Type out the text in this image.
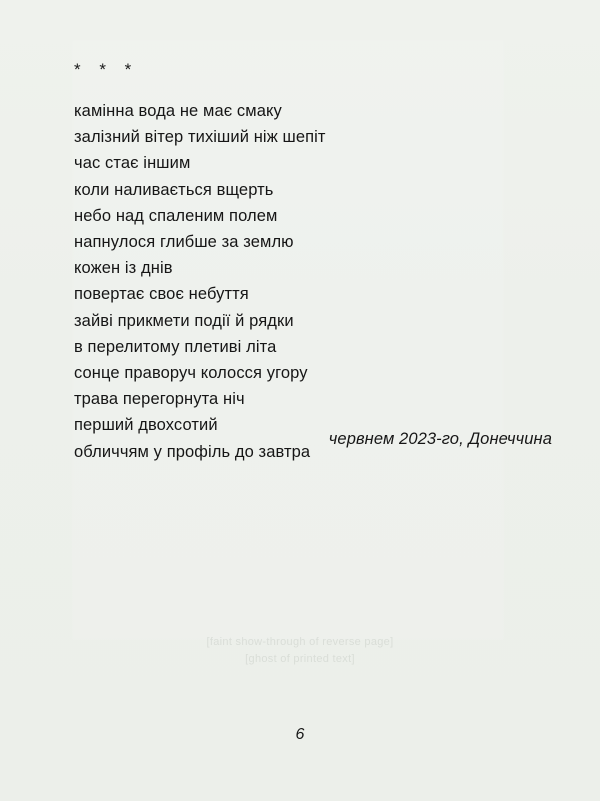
[faint show-through of reverse page]
[ghost of printed text]
* * *
камінна вода не має смаку
залізний вітер тихіший ніж шепіт
час стає іншим
коли наливається вщерть
небо над спаленим полем
напнулося глибше за землю
кожен із днів
повертає своє небуття
зайві прикмети події й рядки
в перелитому плетиві літа
сонце праворуч колосся угору
трава перегорнута ніч
перший двохсотий
обличчям у профіль до завтра
червнем 2023-го, Донеччина
6
